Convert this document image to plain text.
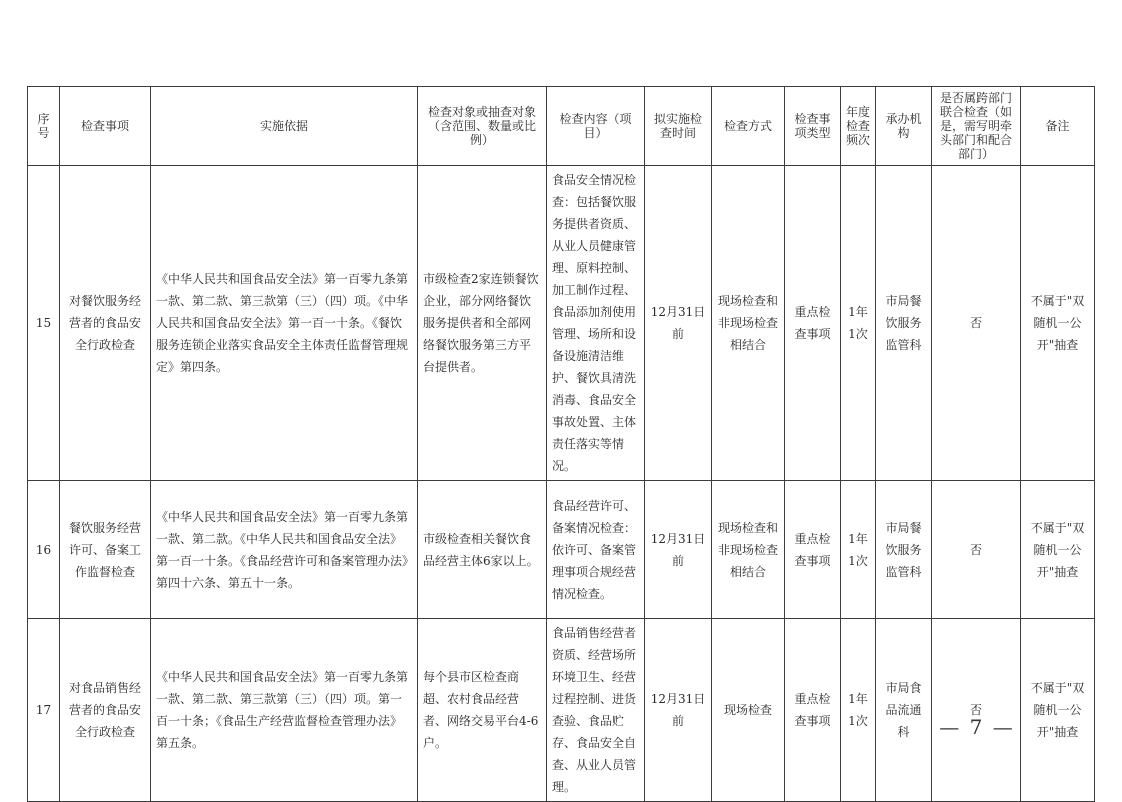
序号	检查事项	实施依据	检查对象或抽查对象（含范围、数量或比例）	检查内容（项目）	拟实施检查时间	检查方式	检查事项类型	年度检查频次	承办机构	是否属跨部门联合检查（如是，需写明牵头部门和配合部门）	备注
15	对餐饮服务经营者的食品安全行政检查	《中华人民共和国食品安全法》第一百零九条第一款、第二款、第三款第（三）（四）项。《中华人民共和国食品安全法》第一百一十条。《餐饮服务连锁企业落实食品安全主体责任监督管理规定》第四条。	市级检查2家连锁餐饮企业，部分网络餐饮服务提供者和全部网络餐饮服务第三方平台提供者。	食品安全情况检查：包括餐饮服务提供者资质、从业人员健康管理、原料控制、加工制作过程、食品添加剂使用管理、场所和设备设施清洁维护、餐饮具清洗消毒、食品安全事故处置、主体责任落实等情况。	12月31日前	现场检查和非现场检查相结合	重点检查事项	1年1次	市局餐饮服务监管科	否	不属于"双随机一公开"抽查
16	餐饮服务经营许可、备案工作监督检查	《中华人民共和国食品安全法》第一百零九条第一款、第二款。《中华人民共和国食品安全法》第一百一十条。《食品经营许可和备案管理办法》第四十六条、第五十一条。	市级检查相关餐饮食品经营主体6家以上。	食品经营许可、备案情况检查：依许可、备案管理事项合规经营情况检查。	12月31日前	现场检查和非现场检查相结合	重点检查事项	1年1次	市局餐饮服务监管科	否	不属于"双随机一公开"抽查
17	对食品销售经营者的食品安全行政检查	《中华人民共和国食品安全法》第一百零九条第一款、第二款、第三款第（三）（四）项。第一百一十条；《食品生产经营监督检查管理办法》第五条。	每个县市区检查商超、农村食品经营者、网络交易平台4-6户。	食品销售经营者资质、经营场所环境卫生、经营过程控制、进货查验、食品贮存、食品安全自查、从业人员管理。	12月31日前	现场检查	重点检查事项	1年1次	市局食品流通科	否	不属于"双随机一公开"抽查
— 7 —
